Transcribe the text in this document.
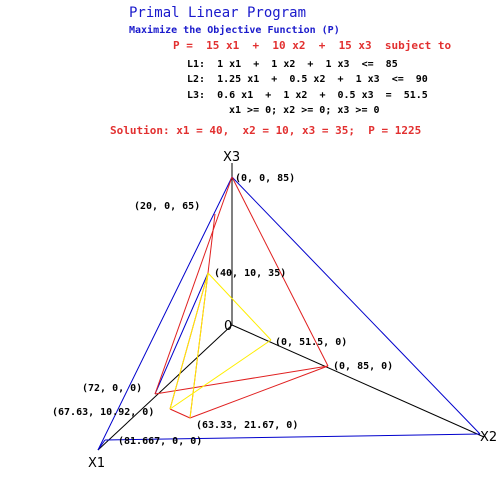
Primal Linear Program
Maximize the Objective Function (P)
P =  15 x1  +  10 x2  +  15 x3  subject to
L1:  1 x1  +  1 x2  +  1 x3  <=  85
L2:  1.25 x1  +  0.5 x2  +  1 x3  <=  90
L3:  0.6 x1  +  1 x2  +  0.5 x3  =  51.5
x1 >= 0; x2 >= 0; x3 >= 0
Solution: x1 = 40,  x2 = 10, x3 = 35;  P = 1225
X3
X2
X1
0
(0, 0, 85)
(20, 0, 65)
(40, 10, 35)
(0, 51.5, 0)
(0, 85, 0)
(72, 0, 0)
(67.63, 10.92, 0)
(63.33, 21.67, 0)
(81.667, 0, 0)
